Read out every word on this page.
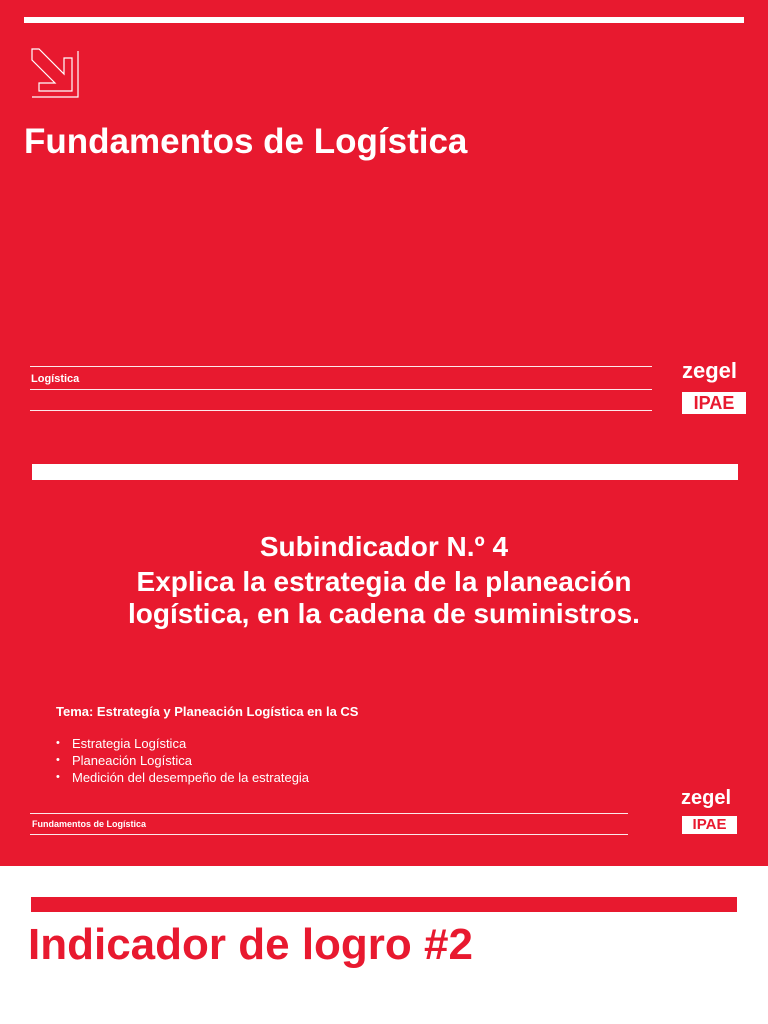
Fundamentos de Logística
Logística	zegel
IPAE
Subindicador N.º 4
Explica la estrategia de la planeación
logística, en la cadena de suministros.
Tema: Estrategía y Planeación Logística en la CS
• Estrategia Logística
• Planeación Logística
• Medición del desempeño de la estrategia
Fundamentos de Logística
zegel
IPAE
Indicador de logro #2
